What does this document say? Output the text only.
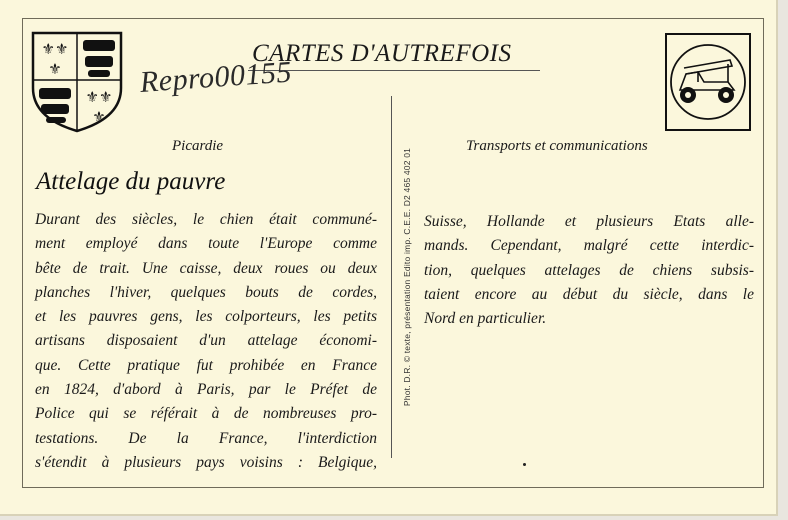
⚜⚜
⚜
⚜⚜
⚜
CARTES D'AUTREFOIS
Repro00155
Phot. D.R. © texte, présentation Edito imp. C.E.E. D2 465 402 01
Picardie	Transports et communications
Attelage du pauvre
Durant des siècles, le chien était communé-
ment employé dans toute l'Europe comme
bête de trait. Une caisse, deux roues ou deux
planches l'hiver, quelques bouts de cordes,
et les pauvres gens, les colporteurs, les petits
artisans disposaient d'un attelage économi-
que. Cette pratique fut prohibée en France
en 1824, d'abord à Paris, par le Préfet de
Police qui se référait à de nombreuses pro-
testations. De la France, l'interdiction
s'étendit à plusieurs pays voisins : Belgique,
Suisse, Hollande et plusieurs Etats alle-
mands. Cependant, malgré cette interdic-
tion, quelques attelages de chiens subsis-
taient encore au début du siècle, dans le
Nord en particulier.
